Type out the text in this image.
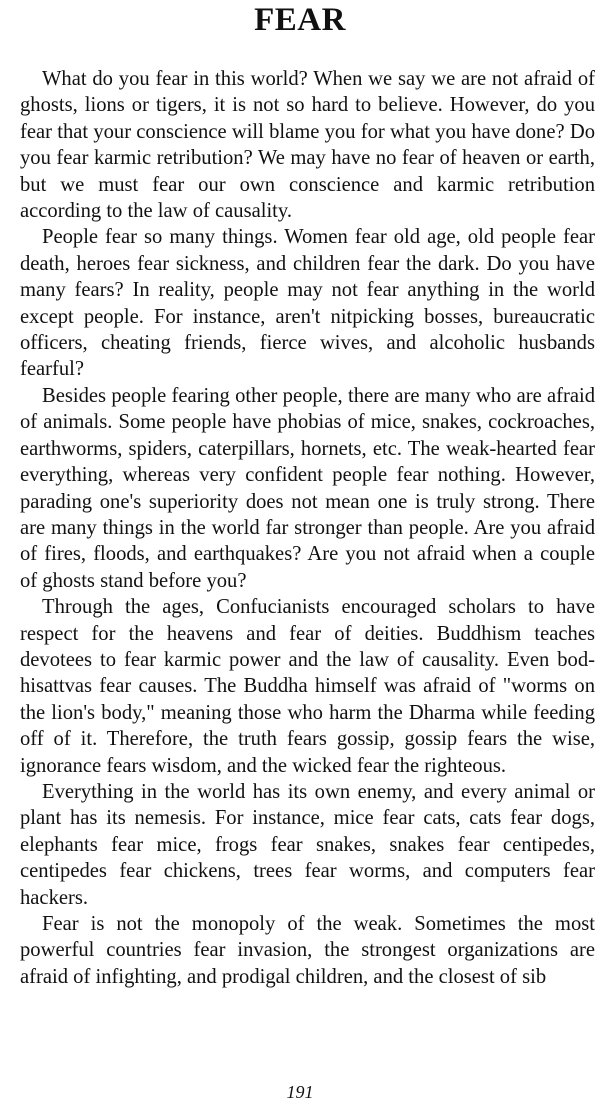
FEAR

What do you fear in this world? When we say we are not afraid of ghosts, lions or tigers, it is not so hard to believe. However, do you fear that your conscience will blame you for what you have done? Do you fear karmic retribution? We may have no fear of heaven or earth, but we must fear our own conscience and karmic retribution according to the law of causality.

People fear so many things. Women fear old age, old people fear death, heroes fear sickness, and children fear the dark. Do you have many fears? In reality, people may not fear anything in the world except people. For instance, aren't nitpicking bosses, bureaucratic officers, cheating friends, fierce wives, and alcoholic husbands fearful?

Besides people fearing other people, there are many who are afraid of animals. Some people have phobias of mice, snakes, cockroaches, earthworms, spiders, caterpillars, hornets, etc. The weak-hearted fear everything, whereas very confident people fear nothing. However, parading one's superiority does not mean one is truly strong. There are many things in the world far stronger than people. Are you afraid of fires, floods, and earthquakes? Are you not afraid when a couple of ghosts stand before you?

Through the ages, Confucianists encouraged scholars to have respect for the heavens and fear of deities. Buddhism teaches devotees to fear karmic power and the law of causality. Even bodhisattvas fear causes. The Buddha himself was afraid of "worms on the lion's body," meaning those who harm the Dharma while feeding off of it. Therefore, the truth fears gossip, gossip fears the wise, ignorance fears wisdom, and the wicked fear the righteous.

Everything in the world has its own enemy, and every animal or plant has its nemesis. For instance, mice fear cats, cats fear dogs, elephants fear mice, frogs fear snakes, snakes fear centipedes, centipedes fear chickens, trees fear worms, and computers fear hackers.

Fear is not the monopoly of the weak. Sometimes the most powerful countries fear invasion, the strongest organizations are afraid of infighting, and prodigal children, and the closest of sib

191
